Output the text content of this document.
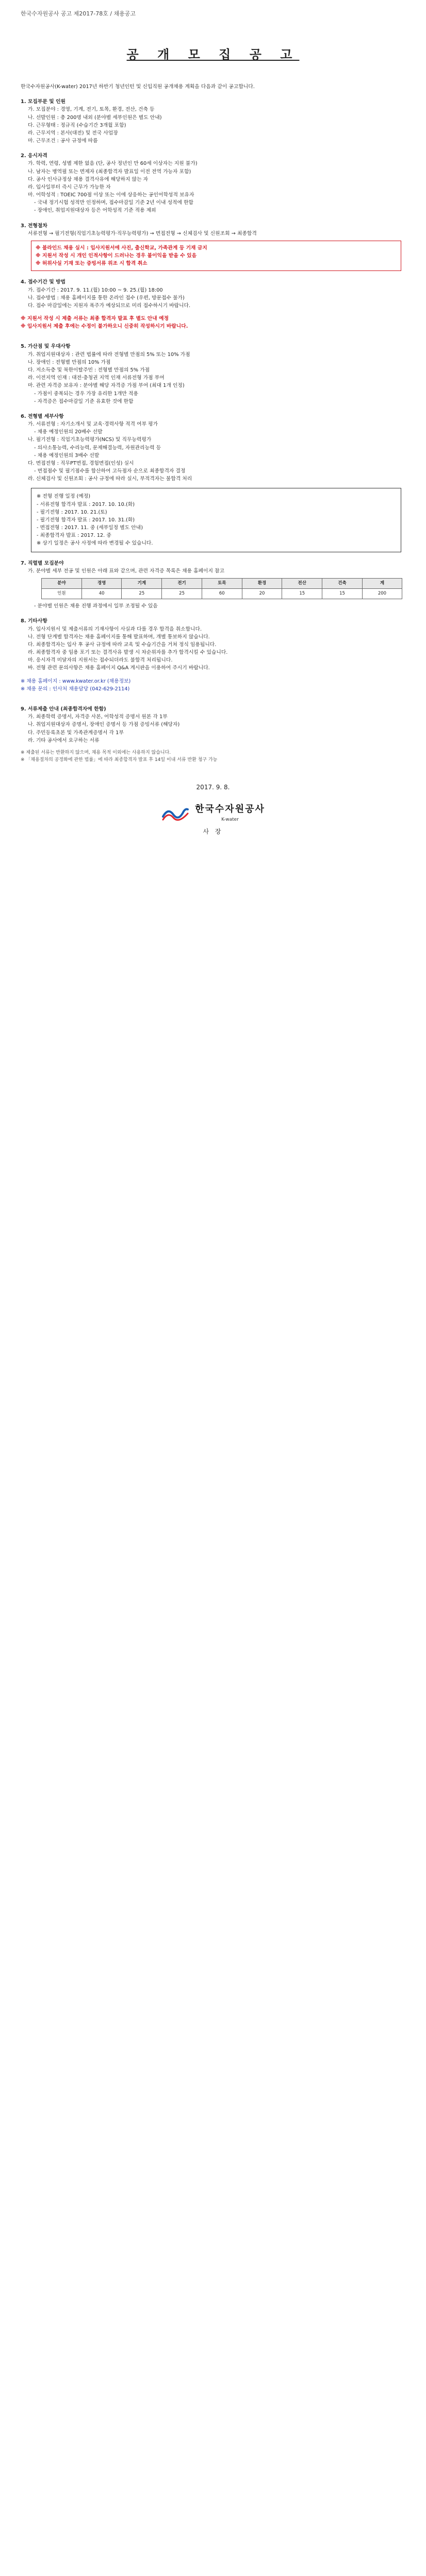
한국수자원공사 공고 제2017-78호 / 채용공고
공 개 모 집 공 고
한국수자원공사(K-water) 2017년 하반기 청년인턴 및 신입직원 공개채용 계획을 다음과 같이 공고합니다.
1. 모집부문 및 인원
가. 모집분야 : 경영, 기계, 전기, 토목, 환경, 전산, 건축 등
나. 선발인원 : 총 200명 내외 (분야별 세부인원은 별도 안내)
다. 근무형태 : 정규직 (수습기간 3개월 포함)
라. 근무지역 : 본사(대전) 및 전국 사업장
마. 근무조건 : 공사 규정에 따름
2. 응시자격
가. 학력, 연령, 성별 제한 없음 (단, 공사 정년인 만 60세 이상자는 지원 불가)
나. 남자는 병역필 또는 면제자 (최종합격자 발표일 이전 전역 가능자 포함)
다. 공사 인사규정상 채용 결격사유에 해당하지 않는 자
라. 입사일부터 즉시 근무가 가능한 자
마. 어학성적 : TOEIC 700점 이상 또는 이에 상응하는 공인어학성적 보유자
- 국내 정기시험 성적만 인정하며, 접수마감일 기준 2년 이내 성적에 한함
- 장애인, 취업지원대상자 등은 어학성적 기준 적용 제외
3. 전형절차
서류전형 → 필기전형(직업기초능력평가·직무능력평가) → 면접전형 → 신체검사 및 신원조회 → 최종합격
※ 블라인드 채용 실시 : 입사지원서에 사진, 출신학교, 가족관계 등 기재 금지
※ 지원서 작성 시 개인 인적사항이 드러나는 경우 불이익을 받을 수 있음
※ 허위사실 기재 또는 증빙서류 위조 시 합격 취소
4. 접수기간 및 방법
가. 접수기간 : 2017. 9. 11.(월) 10:00 ~ 9. 25.(월) 18:00
나. 접수방법 : 채용 홈페이지를 통한 온라인 접수 (우편, 방문접수 불가)
다. 접수 마감일에는 지원자 폭주가 예상되므로 미리 접수하시기 바랍니다.
※ 지원서 작성 시 제출 서류는 최종 합격자 발표 후 별도 안내 예정
※ 입사지원서 제출 후에는 수정이 불가하오니 신중히 작성하시기 바랍니다.
5. 가산점 및 우대사항
가. 취업지원대상자 : 관련 법률에 따라 전형별 만점의 5% 또는 10% 가점
나. 장애인 : 전형별 만점의 10% 가점
다. 저소득층 및 북한이탈주민 : 전형별 만점의 5% 가점
라. 이전지역 인재 : 대전·충청권 지역 인재 서류전형 가점 부여
마. 관련 자격증 보유자 : 분야별 해당 자격증 가점 부여 (최대 1개 인정)
- 가점이 중복되는 경우 가장 유리한 1개만 적용
- 자격증은 접수마감일 기준 유효한 것에 한함
6. 전형별 세부사항
가. 서류전형 : 자기소개서 및 교육·경력사항 적격 여부 평가
- 채용 예정인원의 20배수 선발
나. 필기전형 : 직업기초능력평가(NCS) 및 직무능력평가
- 의사소통능력, 수리능력, 문제해결능력, 자원관리능력 등
- 채용 예정인원의 3배수 선발
다. 면접전형 : 직무PT면접, 경험면접(인성) 실시
- 면접점수 및 필기점수를 합산하여 고득점자 순으로 최종합격자 결정
라. 신체검사 및 신원조회 : 공사 규정에 따라 실시, 부적격자는 불합격 처리
※ 전형 진행 일정 (예정)
- 서류전형 합격자 발표 : 2017. 10. 10.(화)
- 필기전형 : 2017. 10. 21.(토)
- 필기전형 합격자 발표 : 2017. 10. 31.(화)
- 면접전형 : 2017. 11. 중 (세부일정 별도 안내)
- 최종합격자 발표 : 2017. 12. 중
※ 상기 일정은 공사 사정에 따라 변경될 수 있습니다.
7. 직렬별 모집분야
가. 분야별 세부 전공 및 인원은 아래 표와 같으며, 관련 자격증 목록은 채용 홈페이지 참고
분야	경영	기계	전기	토목	환경	전산	건축	계
인원	40	25	25	60	20	15	15	200
- 분야별 인원은 채용 진행 과정에서 일부 조정될 수 있음
8. 기타사항
가. 입사지원서 및 제출서류의 기재사항이 사실과 다를 경우 합격을 취소합니다.
나. 전형 단계별 합격자는 채용 홈페이지를 통해 발표하며, 개별 통보하지 않습니다.
다. 최종합격자는 입사 후 공사 규정에 따라 교육 및 수습기간을 거쳐 정식 임용됩니다.
라. 최종합격자 중 임용 포기 또는 결격사유 발생 시 차순위자를 추가 합격시킬 수 있습니다.
마. 응시자격 미달자의 지원서는 접수되더라도 불합격 처리됩니다.
바. 전형 관련 문의사항은 채용 홈페이지 Q&A 게시판을 이용하여 주시기 바랍니다.
※ 채용 홈페이지 : www.kwater.or.kr (채용정보)
※ 채용 문의 : 인사처 채용담당 (042-629-2114)
9. 서류제출 안내 (최종합격자에 한함)
가. 최종학력 증명서, 자격증 사본, 어학성적 증명서 원본 각 1부
나. 취업지원대상자 증명서, 장애인 증명서 등 가점 증빙서류 (해당자)
다. 주민등록초본 및 가족관계증명서 각 1부
라. 기타 공사에서 요구하는 서류
※ 제출된 서류는 반환하지 않으며, 채용 목적 이외에는 사용하지 않습니다.
※ 「채용절차의 공정화에 관한 법률」에 따라 최종합격자 발표 후 14일 이내 서류 반환 청구 가능
2017. 9. 8.
한국수자원공사
K-water
사 장
